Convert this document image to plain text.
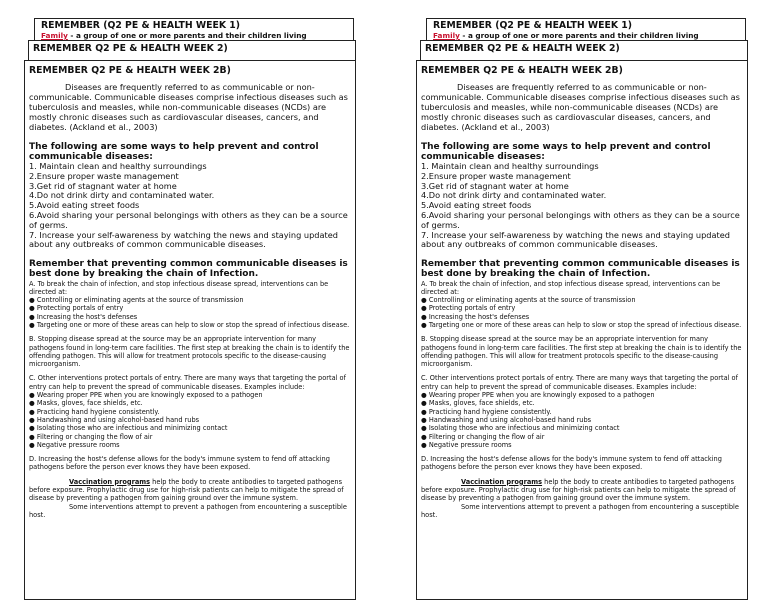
REMEMBER (Q2 PE & HEALTH WEEK 1)
Family - a group of one or more parents and their children living
REMEMBER Q2 PE & HEALTH WEEK 2)
REMEMBER Q2 PE & HEALTH WEEK 2B)

Diseases are frequently referred to as communicable or non-communicable. Communicable diseases comprise infectious diseases such as tuberculosis and measles, while non-communicable diseases (NCDs) are mostly chronic diseases such as cardiovascular diseases, cancers, and diabetes. (Ackland et al., 2003)

The following are some ways to help prevent and control communicable diseases:

1. Maintain clean and healthy surroundings

2.Ensure proper waste management

3.Get rid of stagnant water at home

4.Do not drink dirty and contaminated water.

5.Avoid eating street foods

6.Avoid sharing your personal belongings with others as they can be a source of germs.

7. Increase your self-awareness by watching the news and staying updated about any outbreaks of common communicable diseases.

Remember that preventing common communicable diseases is best done by breaking the chain of Infection.

A. To break the chain of infection, and stop infectious disease spread, interventions can be directed at:

● Controlling or eliminating agents at the source of transmission

● Protecting portals of entry

● Increasing the host's defenses

● Targeting one or more of these areas can help to slow or stop the spread of infectious disease.

B. Stopping disease spread at the source may be an appropriate intervention for many pathogens found in long-term care facilities. The first step at breaking the chain is to identify the offending pathogen. This will allow for treatment protocols specific to the disease-causing microorganism.

C. Other interventions protect portals of entry. There are many ways that targeting the portal of entry can help to prevent the spread of communicable diseases. Examples include:

● Wearing proper PPE when you are knowingly exposed to a pathogen

● Masks, gloves, face shields, etc.

● Practicing hand hygiene consistently.

● Handwashing and using alcohol-based hand rubs

● Isolating those who are infectious and minimizing contact

● Filtering or changing the flow of air

● Negative pressure rooms

D. Increasing the host's defense allows for the body's immune system to fend off attacking pathogens before the person ever knows they have been exposed.

Vaccination programs help the body to create antibodies to targeted pathogens before exposure. Prophylactic drug use for high-risk patients can help to mitigate the spread of disease by preventing a pathogen from gaining ground over the immune system.

Some interventions attempt to prevent a pathogen from encountering a susceptible host.

REMEMBER (Q2 PE & HEALTH WEEK 1)
Family - a group of one or more parents and their children living
REMEMBER Q2 PE & HEALTH WEEK 2)
REMEMBER Q2 PE & HEALTH WEEK 2B)

Diseases are frequently referred to as communicable or non-communicable. Communicable diseases comprise infectious diseases such as tuberculosis and measles, while non-communicable diseases (NCDs) are mostly chronic diseases such as cardiovascular diseases, cancers, and diabetes. (Ackland et al., 2003)

The following are some ways to help prevent and control communicable diseases:

1. Maintain clean and healthy surroundings

2.Ensure proper waste management

3.Get rid of stagnant water at home

4.Do not drink dirty and contaminated water.

5.Avoid eating street foods

6.Avoid sharing your personal belongings with others as they can be a source of germs.

7. Increase your self-awareness by watching the news and staying updated about any outbreaks of common communicable diseases.

Remember that preventing common communicable diseases is best done by breaking the chain of Infection.

A. To break the chain of infection, and stop infectious disease spread, interventions can be directed at:

● Controlling or eliminating agents at the source of transmission

● Protecting portals of entry

● Increasing the host's defenses

● Targeting one or more of these areas can help to slow or stop the spread of infectious disease.

B. Stopping disease spread at the source may be an appropriate intervention for many pathogens found in long-term care facilities. The first step at breaking the chain is to identify the offending pathogen. This will allow for treatment protocols specific to the disease-causing microorganism.

C. Other interventions protect portals of entry. There are many ways that targeting the portal of entry can help to prevent the spread of communicable diseases. Examples include:

● Wearing proper PPE when you are knowingly exposed to a pathogen

● Masks, gloves, face shields, etc.

● Practicing hand hygiene consistently.

● Handwashing and using alcohol-based hand rubs

● Isolating those who are infectious and minimizing contact

● Filtering or changing the flow of air

● Negative pressure rooms

D. Increasing the host's defense allows for the body's immune system to fend off attacking pathogens before the person ever knows they have been exposed.

Vaccination programs help the body to create antibodies to targeted pathogens before exposure. Prophylactic drug use for high-risk patients can help to mitigate the spread of disease by preventing a pathogen from gaining ground over the immune system.

Some interventions attempt to prevent a pathogen from encountering a susceptible host.
